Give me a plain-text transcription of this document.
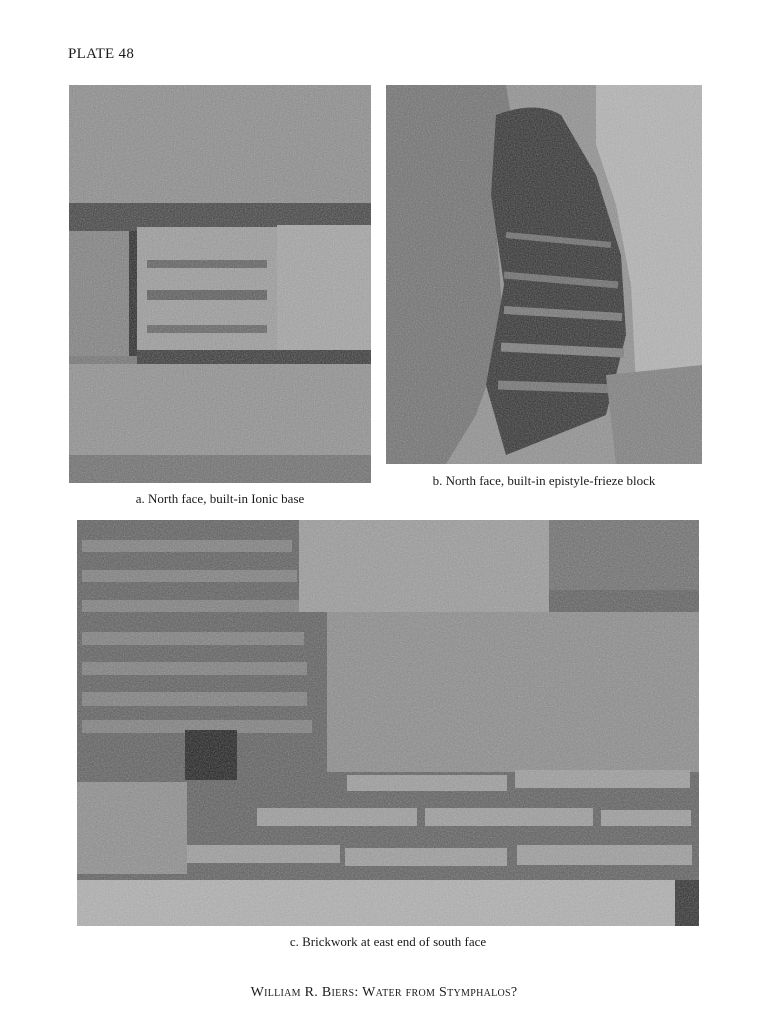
PLATE 48
a. North face, built-in Ionic base
b. North face, built-in epistyle-frieze block
c. Brickwork at east end of south face
William R. Biers: Water from Stymphalos?
